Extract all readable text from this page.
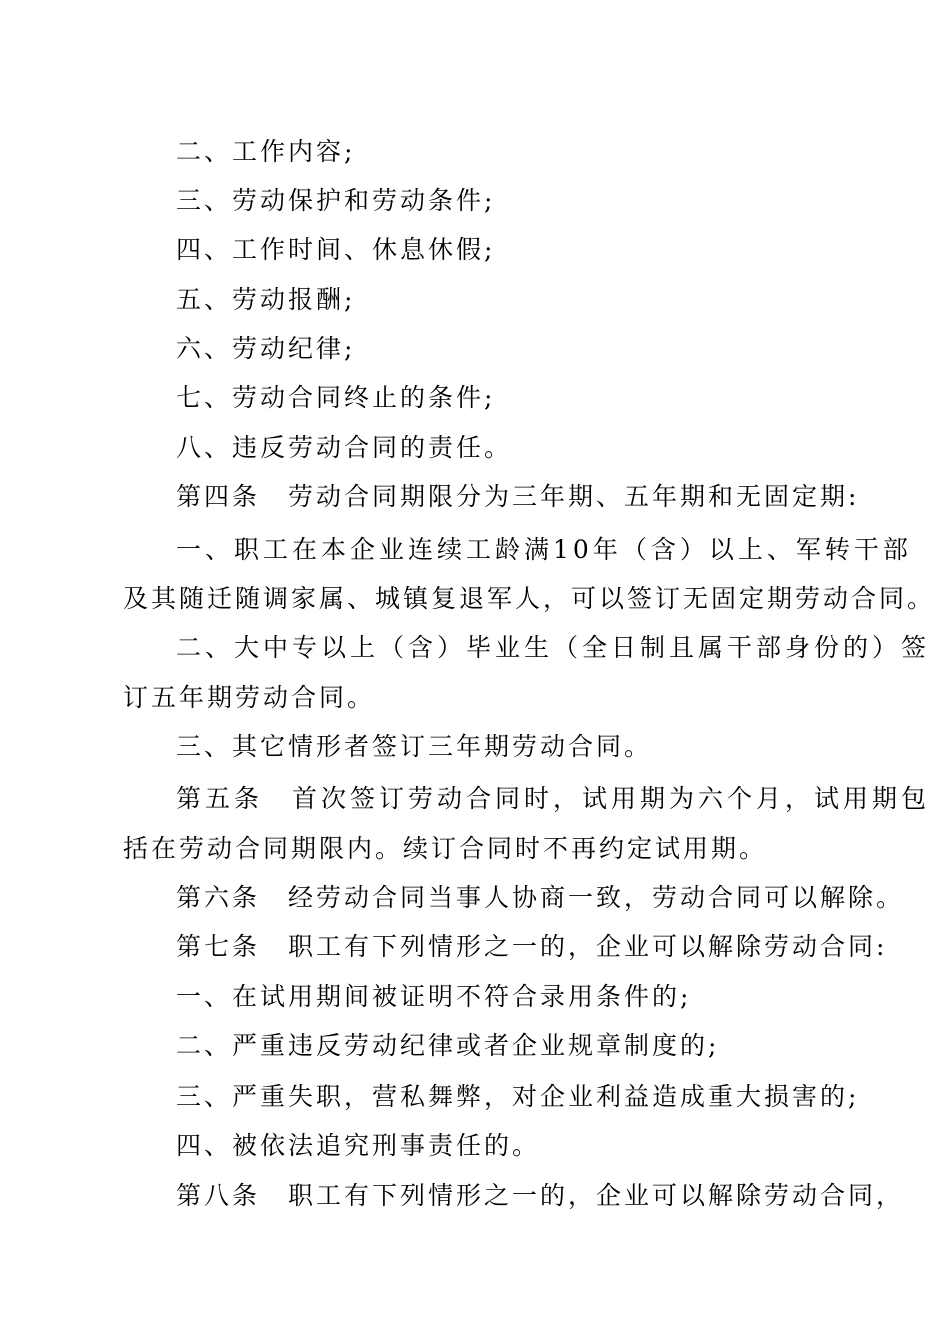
二、工作内容;
三、劳动保护和劳动条件;
四、工作时间、休息休假;
五、劳动报酬;
六、劳动纪律;
七、劳动合同终止的条件;
八、违反劳动合同的责任。
第四条　劳动合同期限分为三年期、五年期和无固定期:
一、职工在本企业连续工龄满10年（含）以上、军转干部
及其随迁随调家属、城镇复退军人，可以签订无固定期劳动合同。
二、大中专以上（含）毕业生（全日制且属干部身份的）签
订五年期劳动合同。
三、其它情形者签订三年期劳动合同。
第五条　首次签订劳动合同时，试用期为六个月，试用期包
括在劳动合同期限内。续订合同时不再约定试用期。
第六条　经劳动合同当事人协商一致，劳动合同可以解除。
第七条　职工有下列情形之一的，企业可以解除劳动合同:
一、在试用期间被证明不符合录用条件的;
二、严重违反劳动纪律或者企业规章制度的;
三、严重失职，营私舞弊，对企业利益造成重大损害的;
四、被依法追究刑事责任的。
第八条　职工有下列情形之一的，企业可以解除劳动合同，
